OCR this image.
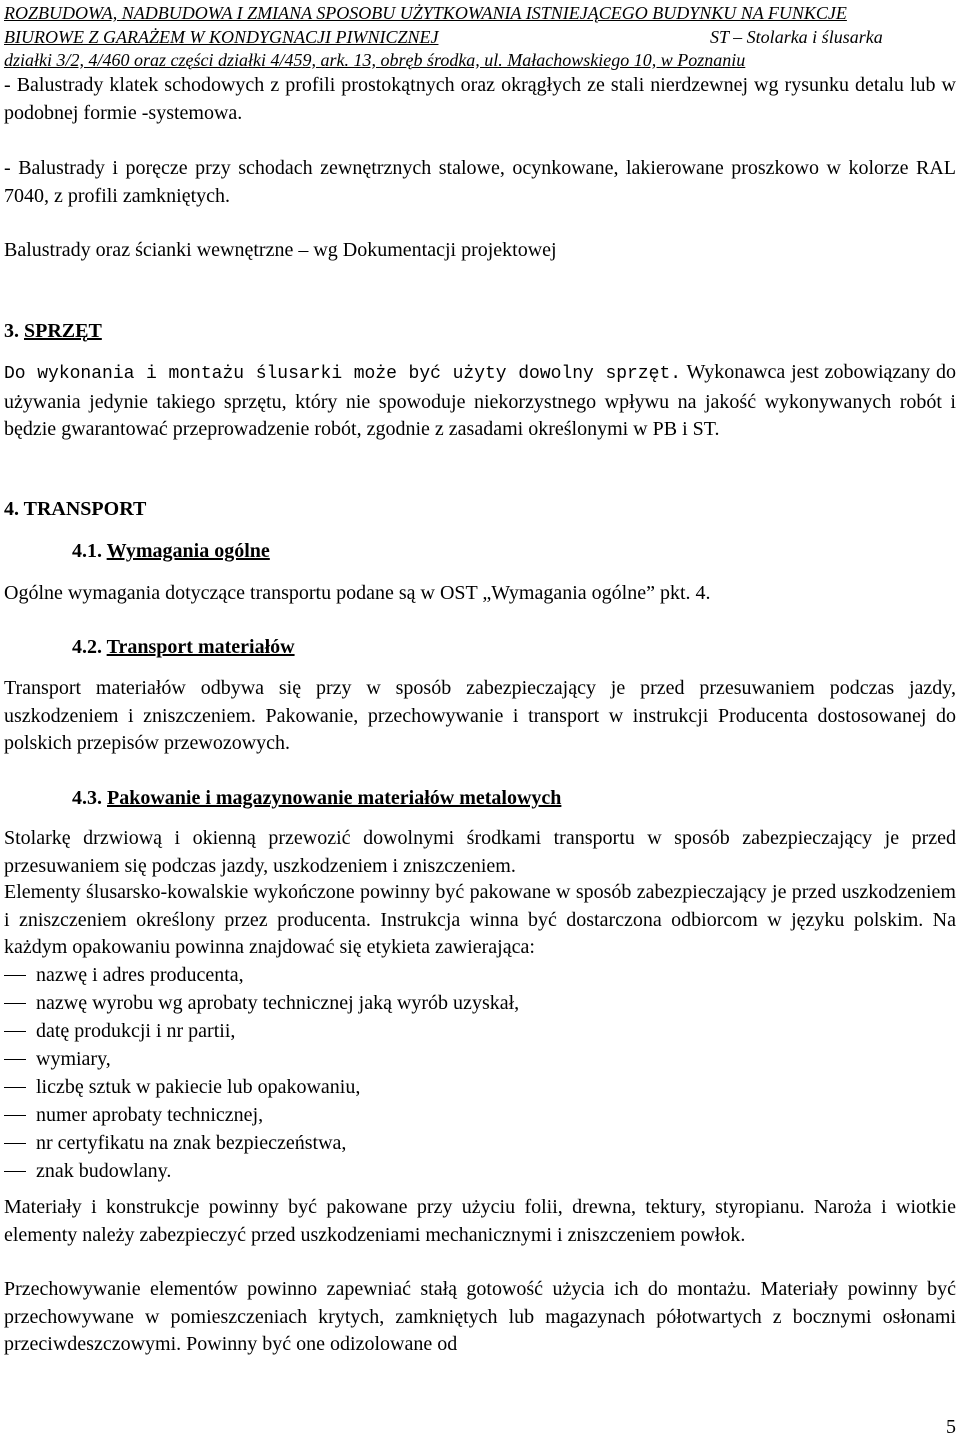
ROZBUDOWA, NADBUDOWA I ZMIANA SPOSOBU UŻYTKOWANIA ISTNIEJĄCEGO BUDYNKU NA FUNKCJE
BIUROWE Z GARAŻEM W KONDYGNACJI PIWNICZNEJ	ST – Stolarka i ślusarka
działki 3/2, 4/460 oraz części działki 4/459, ark. 13, obręb środka, ul. Małachowskiego 10, w Poznaniu
- Balustrady klatek schodowych z profili prostokątnych oraz okrągłych ze stali nierdzewnej wg rysunku detalu lub w podobnej formie -systemowa.
- Balustrady i poręcze przy schodach zewnętrznych stalowe, ocynkowane, lakierowane proszkowo w kolorze RAL 7040, z profili zamkniętych.
Balustrady oraz ścianki wewnętrzne – wg Dokumentacji projektowej
3. SPRZĘT
Do wykonania i montażu ślusarki może być użyty dowolny sprzęt. Wykonawca jest zobowiązany do używania jedynie takiego sprzętu, który nie spowoduje niekorzystnego wpływu na jakość wykonywanych robót i będzie gwarantować przeprowadzenie robót, zgodnie z zasadami określonymi w PB i ST.
4. TRANSPORT
4.1. Wymagania ogólne
Ogólne wymagania dotyczące transportu podane są w OST „Wymagania ogólne” pkt. 4.
4.2. Transport materiałów
Transport materiałów odbywa się przy w sposób zabezpieczający je przed przesuwaniem podczas jazdy, uszkodzeniem i zniszczeniem. Pakowanie, przechowywanie i transport w instrukcji Producenta dostosowanej do polskich przepisów przewozowych.
4.3. Pakowanie i magazynowanie materiałów metalowych
Stolarkę drzwiową i okienną przewozić dowolnymi środkami transportu w sposób zabezpieczający je przed przesuwaniem się podczas jazdy, uszkodzeniem i zniszczeniem.
Elementy ślusarsko-kowalskie wykończone powinny być pakowane w sposób zabezpieczający je przed uszkodzeniem i zniszczeniem określony przez producenta. Instrukcja winna być dostarczona odbiorcom w języku polskim. Na każdym opakowaniu powinna znajdować się etykieta zawierająca:
nazwę i adres producenta,
nazwę wyrobu wg aprobaty technicznej jaką wyrób uzyskał,
datę produkcji i nr partii,
wymiary,
liczbę sztuk w pakiecie lub opakowaniu,
numer aprobaty technicznej,
nr certyfikatu na znak bezpieczeństwa,
znak budowlany.
Materiały i konstrukcje powinny być pakowane przy użyciu folii, drewna, tektury, styropianu. Naroża i wiotkie elementy należy zabezpieczyć przed uszkodzeniami mechanicznymi i zniszczeniem powłok.
Przechowywanie elementów powinno zapewniać stałą gotowość użycia ich do montażu. Materiały powinny być przechowywane w pomieszczeniach krytych, zamkniętych lub magazynach półotwartych z bocznymi osłonami przeciwdeszczowymi. Powinny być one odizolowane od
5
